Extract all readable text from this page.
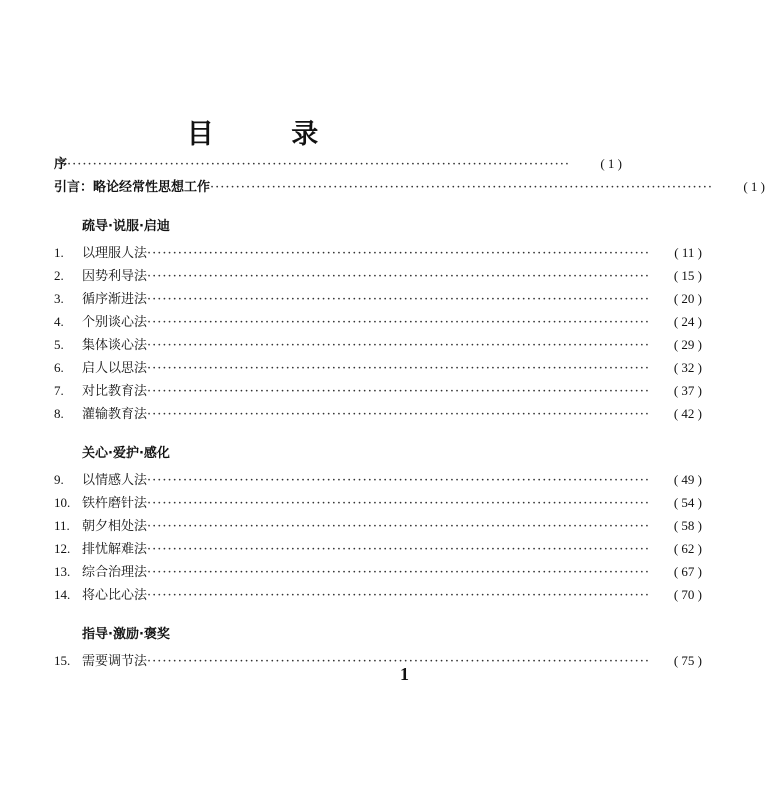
目 录
序 ··································································································	( 1 )
引言：略论经常性思想工作 ··································································································	( 1 )
疏导·说服·启迪
1.	以理服人法 ··································································································	( 11 )
2.	因势利导法 ··································································································	( 15 )
3.	循序渐进法 ··································································································	( 20 )
4.	个别谈心法 ··································································································	( 24 )
5.	集体谈心法 ··································································································	( 29 )
6.	启人以思法 ··································································································	( 32 )
7.	对比教育法 ··································································································	( 37 )
8.	灌输教育法 ··································································································	( 42 )
关心·爱护·感化
9.	以情感人法 ··································································································	( 49 )
10. 铁杵磨针法 ··································································································	( 54 )
11. 朝夕相处法 ··································································································	( 58 )
12. 排忧解难法 ··································································································	( 62 )
13. 综合治理法 ··································································································	( 67 )
14. 将心比心法 ··································································································	( 70 )
指导·激励·褒奖
15. 需要调节法 ··································································································	( 75 )
1
